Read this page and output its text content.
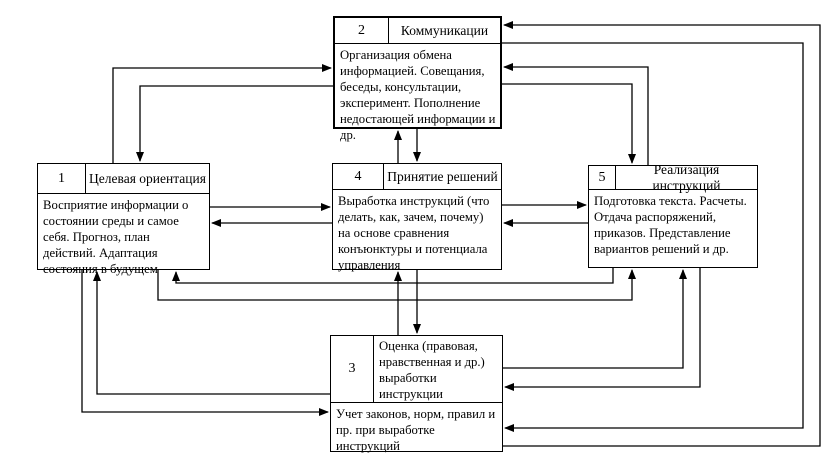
2	Коммуникации
Организация обмена информацией. Совещания, беседы, консультации, эксперимент. Пополнение недостающей информации и др.
1	Целевая ориентация
Восприятие информации о состоянии среды и самое себя. Прогноз, план действий. Адаптация состояния в будущем
4	Принятие решений
Выработка инструкций (что делать, как, зачем, почему) на основе сравнения конъюнктуры и потенциала управления
5
Реализация инструкций
Подготовка текста. Расчеты. Отдача распоряжений, приказов. Представление вариантов решений и др.
3
Оценка (правовая, нравственная и др.) выработки инструкции
Учет законов, норм, правил и пр. при выработке инструкций
